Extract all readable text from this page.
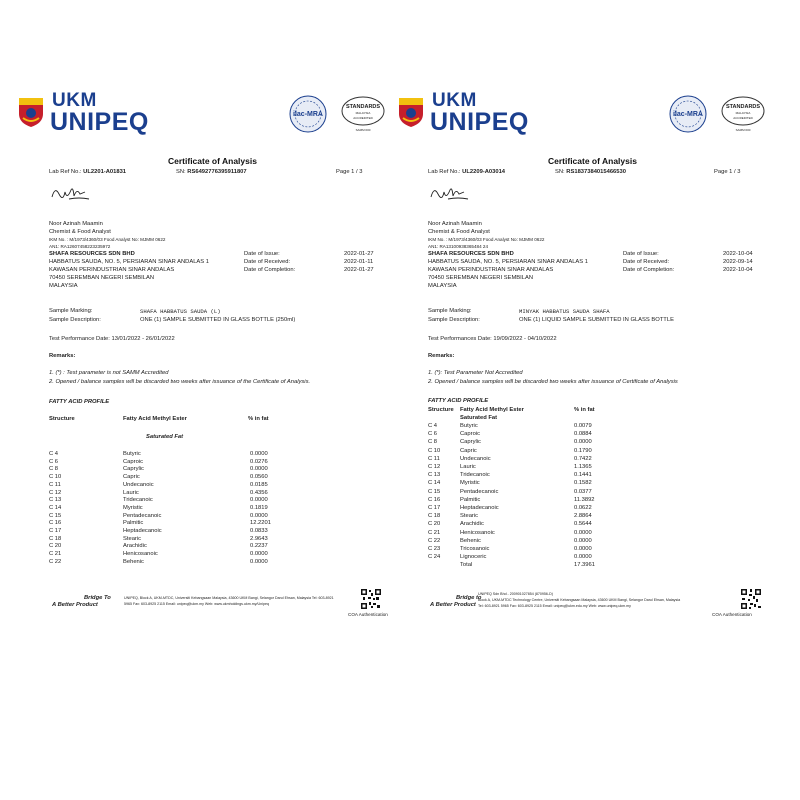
UKM
UNIPEQ	ilac-MRA
STANDARDS
MALAYSIA
ACCREDITED
SAMM 000
Certificate of Analysis
Lab Ref No.: UL2201-A01831	SN: RS6492776395911807	Page 1 / 3
Noor Azinah Maamin
Chemist & Food Analyst
IKM No. : M/1973/4360/03 Food Analyst No: MJMM 0622
AN1: RA12607458223235972
SHAFA RESOURCES SDN BHD
HABBATUS SAUDA, NO. 5, PERSIARAN SINAR ANDALAS 1
KAWASAN PERINDUSTRIAN SINAR ANDALAS
70450 SEREMBAN NEGERI SEMBILAN
MALAYSIA
Date of Issue:	2022-01-27
Date of Received:	2022-01-11
Date of Completion:	2022-01-27
Sample Marking:	SHAFA HABBATUS SAUDA (L)
Sample Description:	ONE (1) SAMPLE SUBMITTED IN GLASS BOTTLE (250ml)
Test Performance Date: 13/01/2022 - 26/01/2022
Remarks:
1. (*) : Test parameter is not SAMM Accredited
2. Opened / balance samples will be discarded two weeks after issuance of the Certificate of Analysis.
FATTY ACID PROFILE
Structure	Fatty Acid Methyl Ester	% in fat
Saturated Fat
C 4	Butyric	0.0000
C 6	Caproic	0.0276
C 8	Caprylic	0.0000
C 10	Capric	0.0560
C 11	Undecanoic	0.0185
C 12	Lauric	0.4356
C 13	Tridecanoic	0.0000
C 14	Myristic	0.1819
C 15	Pentadecanoic	0.0000
C 16	Palmitic	12.2201
C 17	Heptadecanoic	0.0833
C 18	Stearic	2.9643
C 20	Arachidic	0.2237
C 21	Henicosanoic	0.0000
C 22	Behenic	0.0000
Bridge To
A Better Product
UNIPEQ, Block A, UKM-MTDC, Universiti Kebangsaan Malaysia, 43600 UKM Bangi, Selangor Darul Ehsan, Malaysia Tel: 603-8921
5965 Fax: 603-8925 2115 Email: unipeq@ukm.my Web: www.ukmholdings.ukm.my/Unipeq
COA Authentication
UKM
UNIPEQ	ilac-MRA
STANDARDS
MALAYSIA
ACCREDITED
SAMM 000
Certificate of Analysis
Lab Ref No.: UL2209-A03014	SN: RS1837384015466530	Page 1 / 3
Noor Azinah Maamin
Chemist & Food Analyst
IKM No. : M/1973/4360/03 Food Analyst No: MJMM 0622
AN1: RA13100938365484 24
SHAFA RESOURCES SDN BHD
HABBATUS SAUDA, NO. 5, PERSIARAN SINAR ANDALAS 1
KAWASAN PERINDUSTRIAN SINAR ANDALAS
70450 SEREMBAN NEGERI SEMBILAN
MALAYSIA
Date of Issue:	2022-10-04
Date of Received:	2022-09-14
Date of Completion:	2022-10-04
Sample Marking:	MINYAK HABBATUS SAUDA SHAFA
Sample Description:	ONE (1) LIQUID SAMPLE SUBMITTED IN GLASS BOTTLE
Test Performances Date: 19/09/2022 - 04/10/2022
Remarks:
1. (*): Test Parameter Not Accredited
2. Opened / balance samples will be discarded two weeks after issuance of Certificate of Analysis
FATTY ACID PROFILE
Structure Fatty Acid Methyl Ester	% in fat
Saturated Fat
C 4	Butyric	0.0079
C 6	Caproic	0.0884
C 8	Caprylic	0.0000
C 10	Capric	0.1790
C 11	Undecanoic	0.7422
C 12	Lauric	1.1365
C 13	Tridecanoic	0.1441
C 14	Myristic	0.1582
C 15	Pentadecanoic	0.0377
C 16	Palmitic	11.3892
C 17	Heptadecanoic	0.0622
C 18	Stearic	2.8864
C 20	Arachidic	0.5644
C 21	Henicosanoic	0.0000
C 22	Behenic	0.0000
C 23	Tricosanoic	0.0000
C 24	Lignoceric	0.0000
Total	17.3961
Bridge to
A Better Product
UNIPEQ Sdn Bhd - 200901027854 (870956-D)
Block A, UKM-MTDC Technology Centre, Universiti Kebangsaan Malaysia, 43600 UKM Bangi, Selangor Darul Ehsan, Malaysia
Tel: 603-8921 5965 Fax: 603-8925 2115 Email: unipeq@ukm.edu.my Web: www.unipeq.ukm.my
COA Authentication
